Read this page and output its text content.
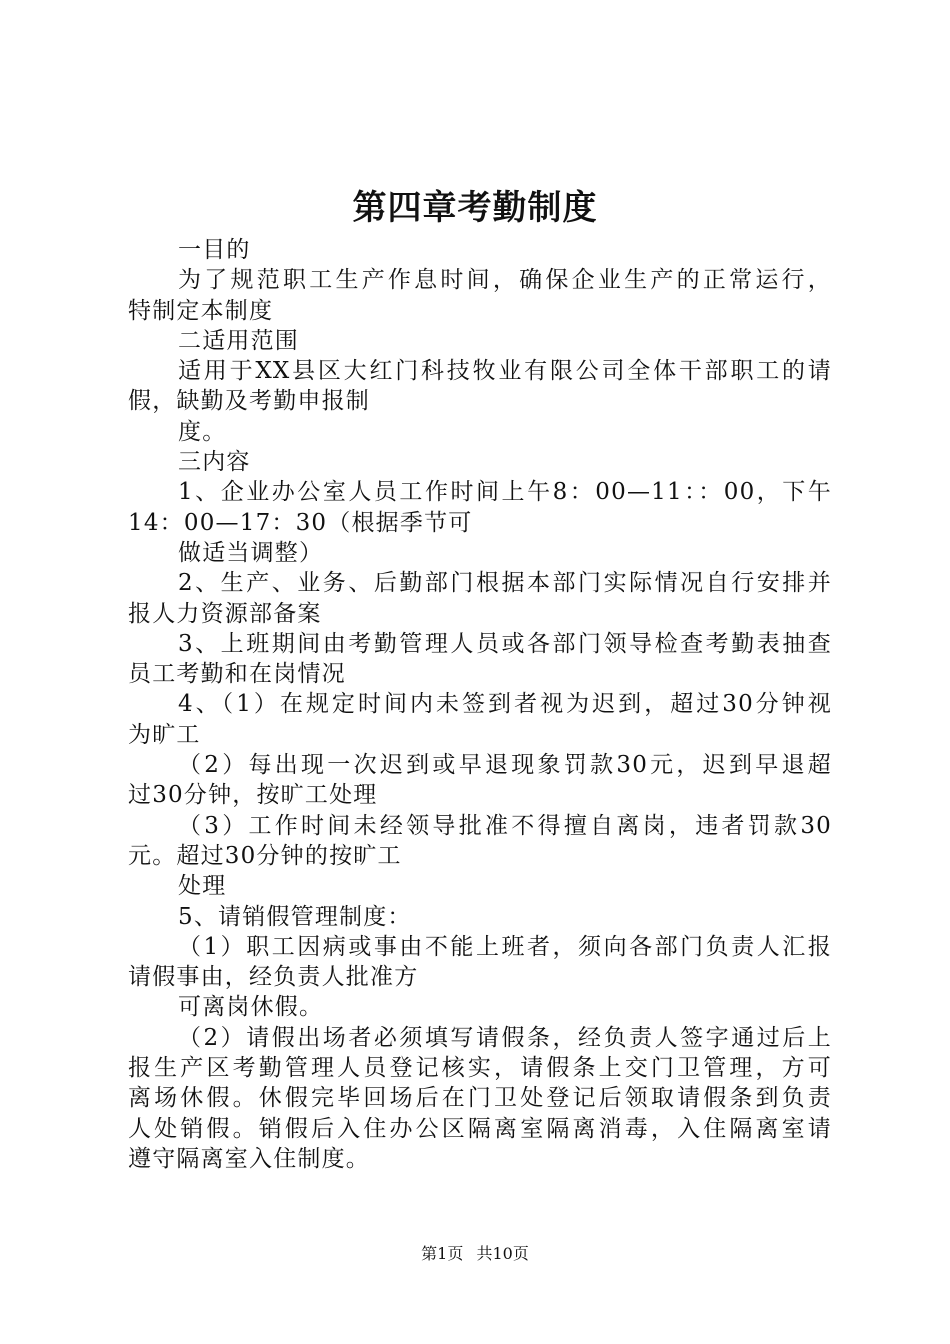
第四章考勤制度
一目的
为了规范职工生产作息时间，确保企业生产的正常运行，
特制定本制度
二适用范围
适用于XX县区大红门科技牧业有限公司全体干部职工的请
假，缺勤及考勤申报制
度。
三内容
1、企业办公室人员工作时间上午8：00—11：：00，下午
14：00—17：30（根据季节可
做适当调整）
2、生产、业务、后勤部门根据本部门实际情况自行安排并
报人力资源部备案
3、上班期间由考勤管理人员或各部门领导检查考勤表抽查
员工考勤和在岗情况
4、（1）在规定时间内未签到者视为迟到，超过30分钟视
为旷工
（2）每出现一次迟到或早退现象罚款30元，迟到早退超
过30分钟，按旷工处理
（3）工作时间未经领导批准不得擅自离岗，违者罚款30
元。超过30分钟的按旷工
处理
5、请销假管理制度：
（1）职工因病或事由不能上班者，须向各部门负责人汇报
请假事由，经负责人批准方
可离岗休假。
（2）请假出场者必须填写请假条，经负责人签字通过后上
报生产区考勤管理人员登记核实，请假条上交门卫管理，方可
离场休假。休假完毕回场后在门卫处登记后领取请假条到负责
人处销假。销假后入住办公区隔离室隔离消毒，入住隔离室请
遵守隔离室入住制度。
第1页 共10页
